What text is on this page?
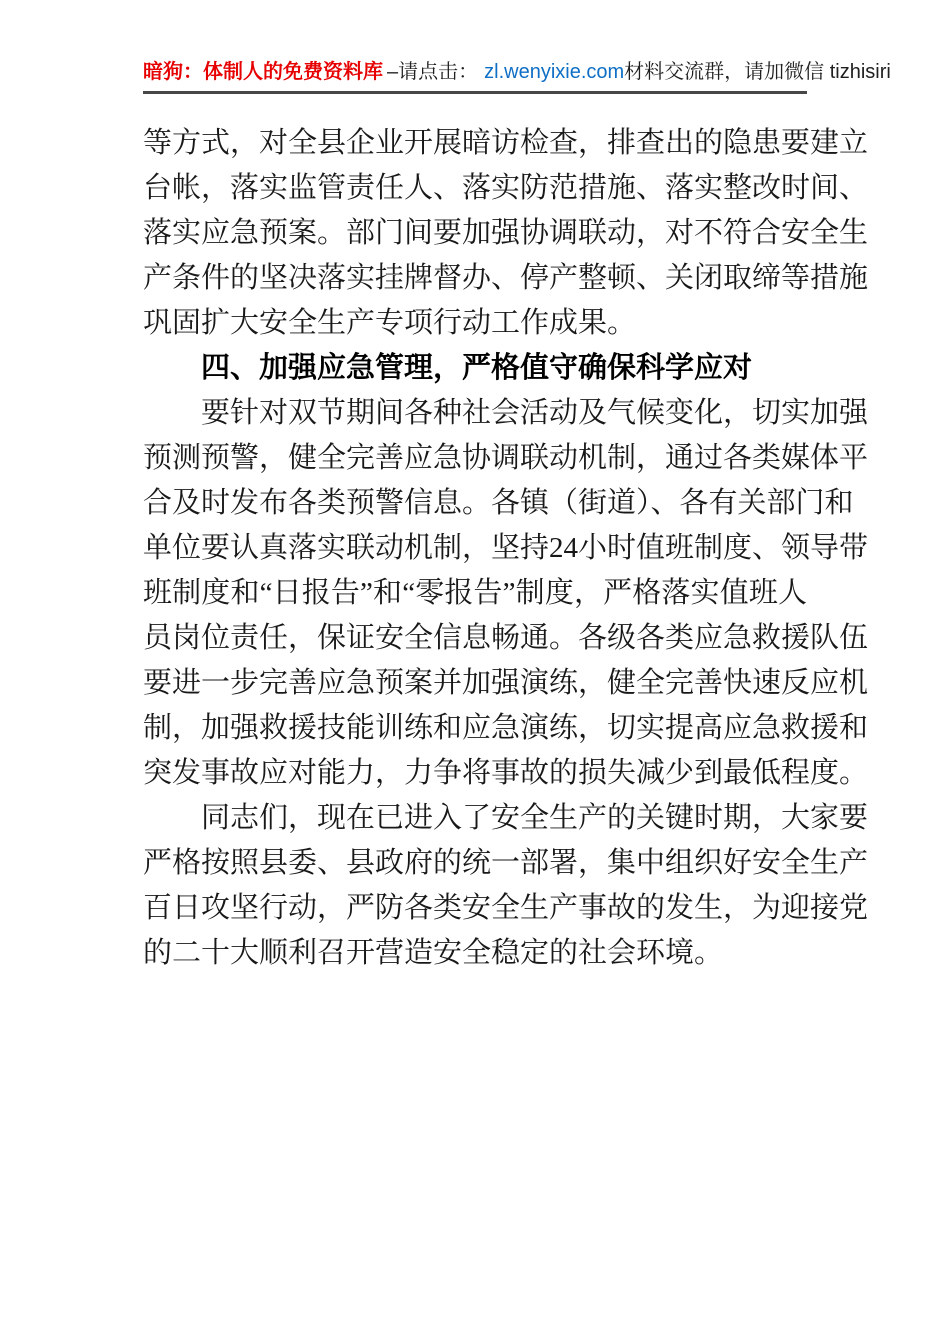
暗狗：体制人的免费资料库 –请点击： zl.wenyixie.com 材料交流群，请加微信 tizhisiri
等方式，对全县企业开展暗访检查，排查出的隐患要建立
台帐，落实监管责任人、落实防范措施、落实整改时间、
落实应急预案。部门间要加强协调联动，对不符合安全生
产条件的坚决落实挂牌督办、停产整顿、关闭取缔等措施
巩固扩大安全生产专项行动工作成果。
四、加强应急管理，严格值守确保科学应对
要针对双节期间各种社会活动及气候变化，切实加强
预测预警，健全完善应急协调联动机制，通过各类媒体平
合及时发布各类预警信息。各镇（街道）、各有关部门和
单位要认真落实联动机制，坚持24小时值班制度、领导带
班制度和“日报告”和“零报告”制度，严格落实值班人
员岗位责任，保证安全信息畅通。各级各类应急救援队伍
要进一步完善应急预案并加强演练，健全完善快速反应机
制，加强救援技能训练和应急演练，切实提高应急救援和
突发事故应对能力，力争将事故的损失减少到最低程度。
同志们，现在已进入了安全生产的关键时期，大家要
严格按照县委、县政府的统一部署，集中组织好安全生产
百日攻坚行动，严防各类安全生产事故的发生，为迎接党
的二十大顺利召开营造安全稳定的社会环境。
